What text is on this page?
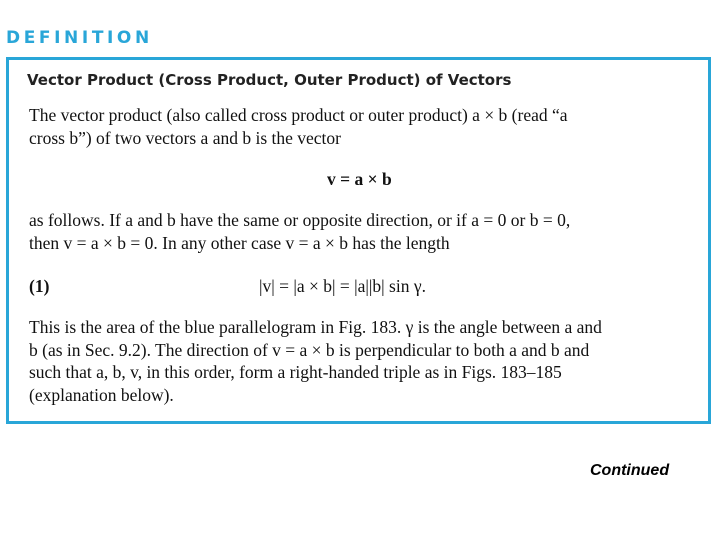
DEFINITION
Vector Product (Cross Product, Outer Product) of Vectors
The vector product (also called cross product or outer product) a × b (read “a
cross b”) of two vectors a and b is the vector
v = a × b
as follows. If a and b have the same or opposite direction, or if a = 0 or b = 0,
then v = a × b = 0. In any other case v = a × b has the length
(1)	|v| = |a × b| = |a||b| sin γ.
This is the area of the blue parallelogram in Fig. 183. γ is the angle between a and
b (as in Sec. 9.2). The direction of v = a × b is perpendicular to both a and b and
such that a, b, v, in this order, form a right-handed triple as in Figs. 183–185
(explanation below).
Continued
